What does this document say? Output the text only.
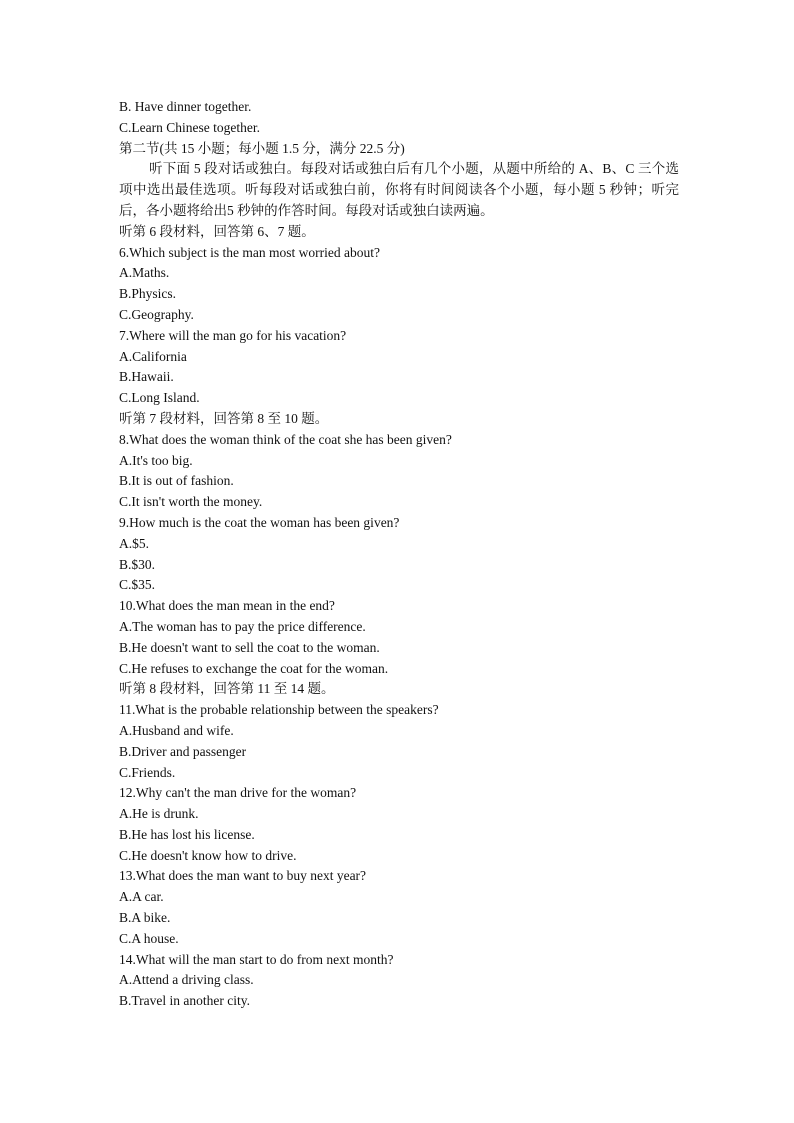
B. Have dinner together.
C.Learn Chinese together.
第二节(共 15 小题；每小题 1.5 分，满分 22.5 分)
听下面 5 段对话或独白。每段对话或独白后有几个小题，从题中所给的 A、B、C 三个选项中选出最佳选项。听每段对话或独白前，你将有时间阅读各个小题，每小题 5 秒钟；听完后，各小题将给出5 秒钟的作答时间。每段对话或独白读两遍。
听第 6 段材料，回答第 6、7 题。
6.Which subject is the man most worried about?
A.Maths.
B.Physics.
C.Geography.
7.Where will the man go for his vacation?
A.California
B.Hawaii.
C.Long Island.
听第 7 段材料，回答第 8 至 10 题。
8.What does the woman think of the coat she has been given?
A.It's too big.
B.It is out of fashion.
C.It isn't worth the money.
9.How much is the coat the woman has been given?
A.$5.
B.$30.
C.$35.
10.What does the man mean in the end?
A.The woman has to pay the price difference.
B.He doesn't want to sell the coat to the woman.
C.He refuses to exchange the coat for the woman.
听第 8 段材料，回答第 11 至 14 题。
11.What is the probable relationship between the speakers?
A.Husband and wife.
B.Driver and passenger
C.Friends.
12.Why can't the man drive for the woman?
A.He is drunk.
B.He has lost his license.
C.He doesn't know how to drive.
13.What does the man want to buy next year?
A.A car.
B.A bike.
C.A house.
14.What will the man start to do from next month?
A.Attend a driving class.
B.Travel in another city.
